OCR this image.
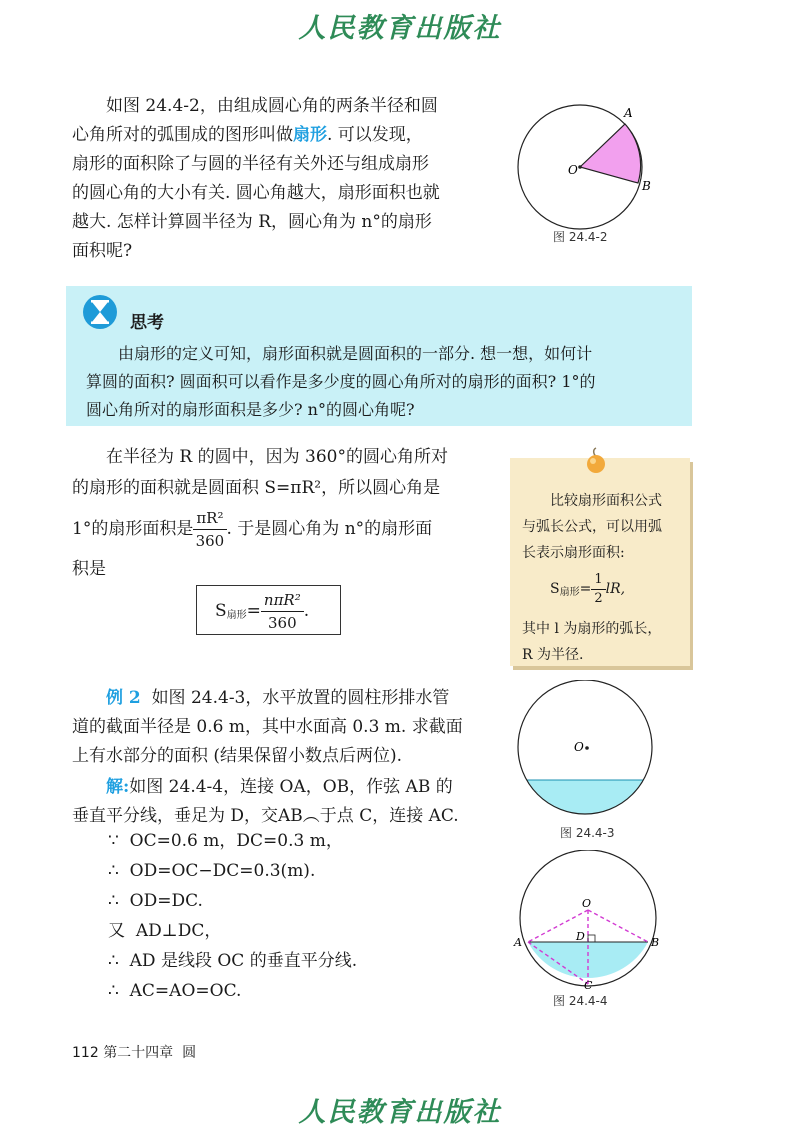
人民教育出版社

如图 24.4-2，由组成圆心角的两条半径和圆

心角所对的弧围成的图形叫做扇形. 可以发现，

扇形的面积除了与圆的半径有关外还与组成扇形

的圆心角的大小有关. 圆心角越大，扇形面积也就

越大. 怎样计算圆半径为 R，圆心角为 n°的扇形

面积呢?

O
A
B
图 24.4-2
思考
由扇形的定义可知，扇形面积就是圆面积的一部分. 想一想，如何计
算圆的面积? 圆面积可以看作是多少度的圆心角所对的扇形的面积? 1°的
圆心角所对的扇形面积是多少? n°的圆心角呢?

在半径为 R 的圆中，因为 360°的圆心角所对

的扇形的面积就是圆面积 S=πR²，所以圆心角是

1°的扇形面积是 $\frac{\text{πR²}}{360}$ . 于是圆心角为 n°的扇形面

积是

$S_{扇形}= \frac{\text{nπR²}}{360}$ .
比较扇形面积公式
与弧长公式，可以用弧
长表示扇形面积:
$S_{扇形}= \frac{1}{2}$ lR,
其中 l 为扇形的弧长，
R 为半径.

例 2 如图 24.4-3，水平放置的圆柱形排水管

道的截面半径是 0.6 m，其中水面高 0.3 m. 求截面

上有水部分的面积 (结果保留小数点后两位).

解:如图 24.4-4，连接 OA，OB，作弦 AB 的

垂直平分线，垂足为 D，交AB︵于点 C，连接 AC.

∵ OC=0.6 m，DC=0.3 m，
∴ OD=OC−DC=0.3(m).
∴ OD=DC.
又 AD⊥DC，
∴ AD 是线段 OC 的垂直平分线.
∴ AC=AO=OC.
O
图 24.4-3
O
A	B
D
C
图 24.4-4
112 第二十四章 圆
人民教育出版社
